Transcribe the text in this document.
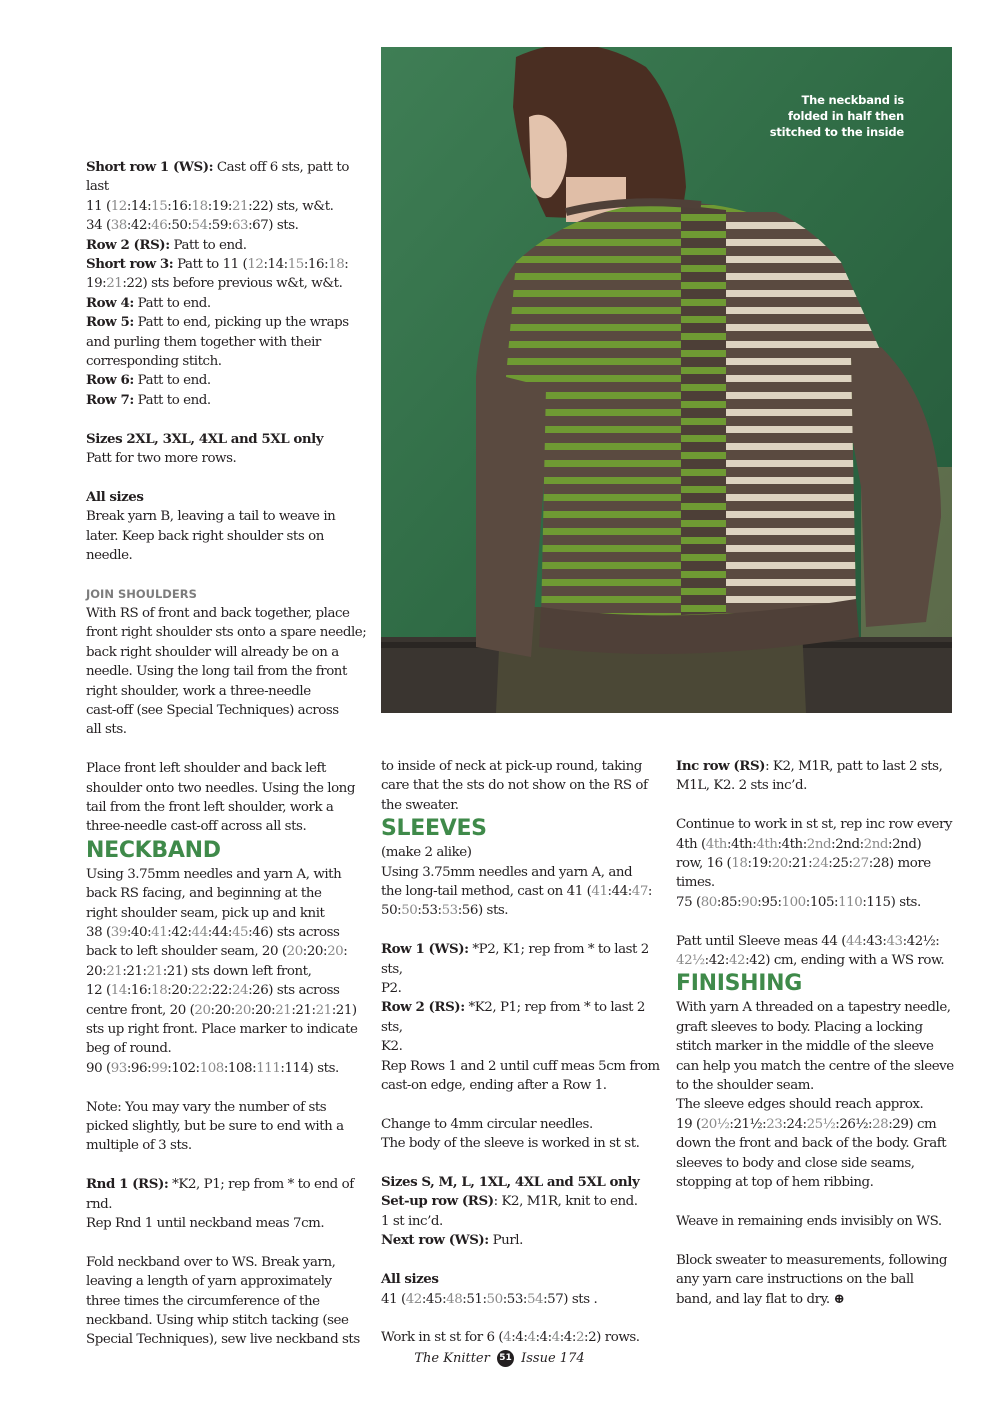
The neckband is
folded in half then
stitched to the inside

Short row 1 (WS): Cast off 6 sts, patt to last

11 (12:14:15:16:18:19:21:22) sts, w&t.

34 (38:42:46:50:54:59:63:67) sts.

Row 2 (RS): Patt to end.

Short row 3: Patt to 11 (12:14:15:16:18:

19:21:22) sts before previous w&t, w&t.

Row 4: Patt to end.

Row 5: Patt to end, picking up the wraps

and purling them together with their

corresponding stitch.

Row 6: Patt to end.

Row 7: Patt to end.

Sizes 2XL, 3XL, 4XL and 5XL only

Patt for two more rows.

All sizes

Break yarn B, leaving a tail to weave in

later. Keep back right shoulder sts on

needle.

JOIN SHOULDERS

With RS of front and back together, place

front right shoulder sts onto a spare needle;

back right shoulder will already be on a

needle. Using the long tail from the front

right shoulder, work a three-needle

cast-off (see Special Techniques) across

all sts.

Place front left shoulder and back left

shoulder onto two needles. Using the long

tail from the front left shoulder, work a

three-needle cast-off across all sts.

NECKBAND

Using 3.75mm needles and yarn A, with

back RS facing, and beginning at the

right shoulder seam, pick up and knit

38 (39:40:41:42:44:44:45:46) sts across

back to left shoulder seam, 20 (20:20:20:

20:21:21:21:21) sts down left front,

12 (14:16:18:20:22:22:24:26) sts across

centre front, 20 (20:20:20:20:21:21:21:21)

sts up right front. Place marker to indicate

beg of round.

90 (93:96:99:102:108:108:111:114) sts.

Note: You may vary the number of sts

picked slightly, but be sure to end with a

multiple of 3 sts.

Rnd 1 (RS): *K2, P1; rep from * to end of rnd.

Rep Rnd 1 until neckband meas 7cm.

Fold neckband over to WS. Break yarn,

leaving a length of yarn approximately

three times the circumference of the

neckband. Using whip stitch tacking (see

Special Techniques), sew live neckband sts

to inside of neck at pick-up round, taking

care that the sts do not show on the RS of

the sweater.

SLEEVES

(make 2 alike)

Using 3.75mm needles and yarn A, and

the long-tail method, cast on 41 (41:44:47:

50:50:53:53:56) sts.

Row 1 (WS): *P2, K1; rep from * to last 2 sts,

P2.

Row 2 (RS): *K2, P1; rep from * to last 2 sts,

K2.

Rep Rows 1 and 2 until cuff meas 5cm from

cast-on edge, ending after a Row 1.

Change to 4mm circular needles.

The body of the sleeve is worked in st st.

Sizes S, M, L, 1XL, 4XL and 5XL only

Set-up row (RS): K2, M1R, knit to end.

1 st inc’d.

Next row (WS): Purl.

All sizes

41 (42:45:48:51:50:53:54:57) sts .

Work in st st for 6 (4:4:4:4:4:4:2:2) rows.

Inc row (RS): K2, M1R, patt to last 2 sts,

M1L, K2. 2 sts inc’d.

Continue to work in st st, rep inc row every

4th (4th:4th:4th:4th:2nd:2nd:2nd:2nd)

row, 16 (18:19:20:21:24:25:27:28) more

times.

75 (80:85:90:95:100:105:110:115) sts.

Patt until Sleeve meas 44 (44:43:43:42½:

42½:42:42:42) cm, ending with a WS row.

FINISHING

With yarn A threaded on a tapestry needle,

graft sleeves to body. Placing a locking

stitch marker in the middle of the sleeve

can help you match the centre of the sleeve

to the shoulder seam.

The sleeve edges should reach approx.

19 (20½:21½:23:24:25½:26½:28:29) cm

down the front and back of the body. Graft

sleeves to body and close side seams,

stopping at top of hem ribbing.

Weave in remaining ends invisibly on WS.

Block sweater to measurements, following

any yarn care instructions on the ball

band, and lay flat to dry. ⊕

The Knitter 51 Issue 174
